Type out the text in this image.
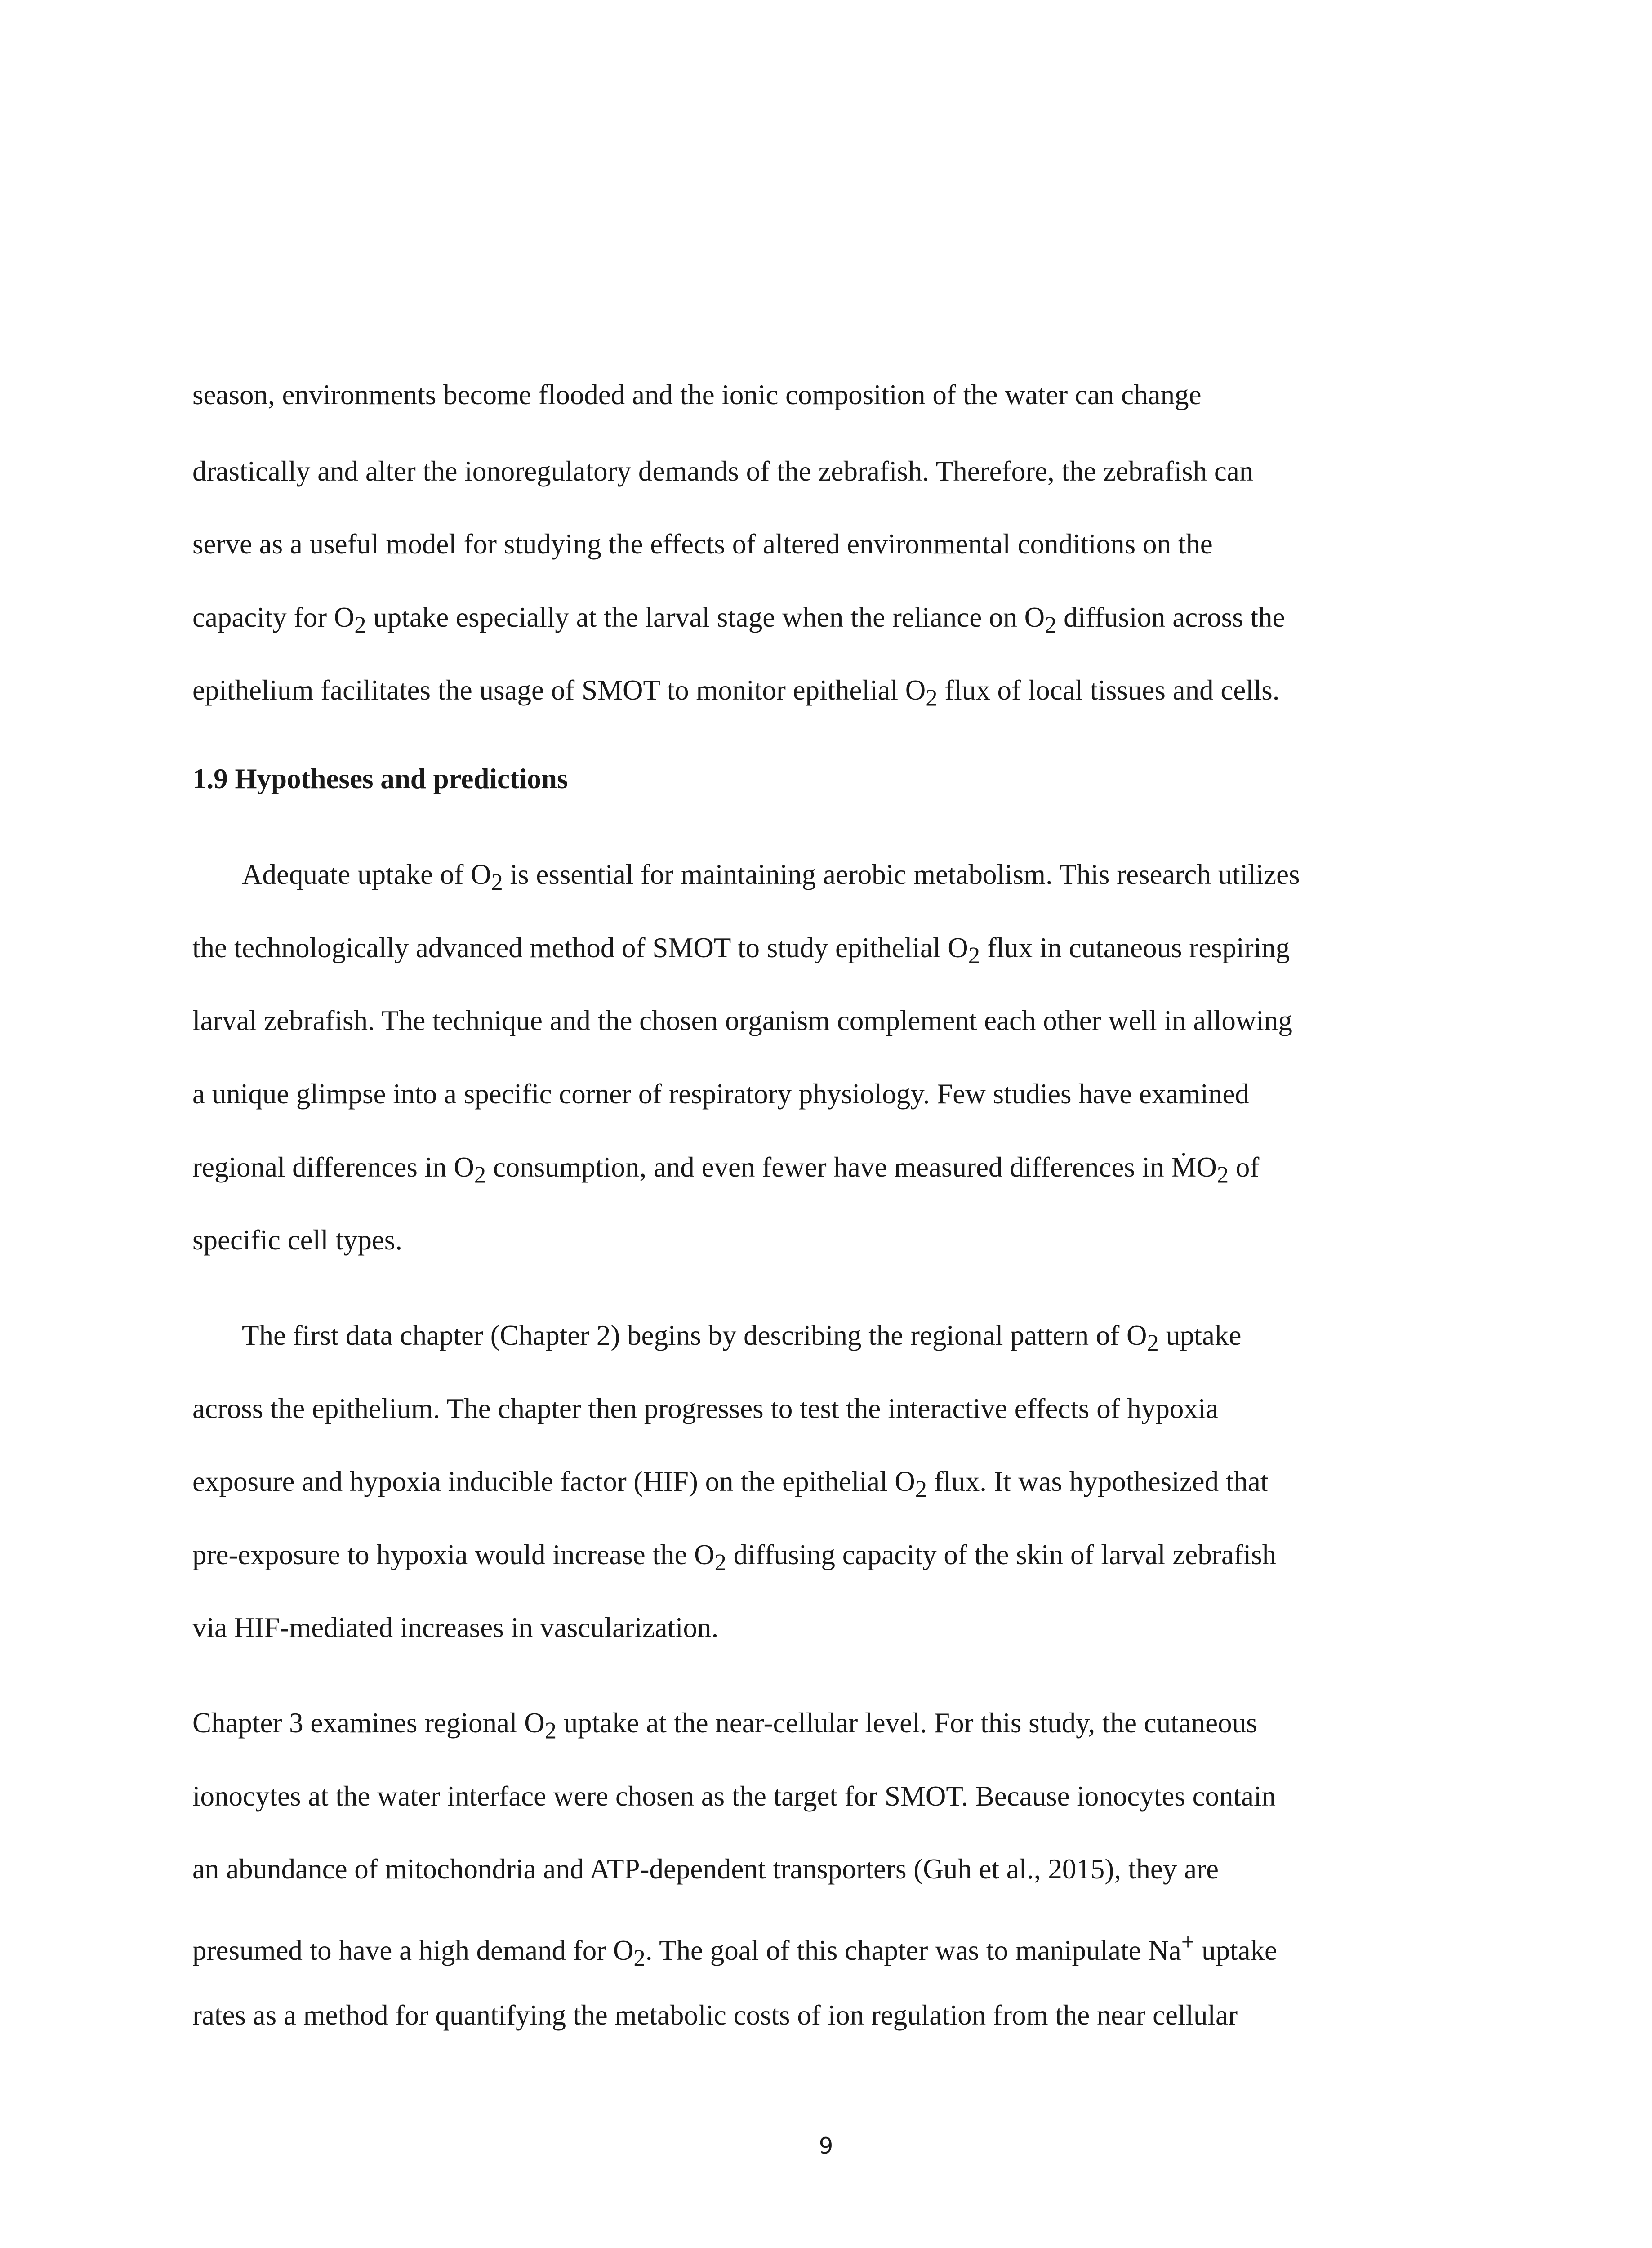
season, environments become flooded and the ionic composition of the water can change
drastically and alter the ionoregulatory demands of the zebrafish. Therefore, the zebrafish can
serve as a useful model for studying the effects of altered environmental conditions on the
capacity for $O_2$ uptake especially at the larval stage when the reliance on $O_2$ diffusion across the
epithelium facilitates the usage of SMOT to monitor epithelial $O_2$ flux of local tissues and cells.
1.9 Hypotheses and predictions
Adequate uptake of $O_2$ is essential for maintaining aerobic metabolism. This research utilizes
the technologically advanced method of SMOT to study epithelial $O_2$ flux in cutaneous respiring
larval zebrafish. The technique and the chosen organism complement each other well in allowing
a unique glimpse into a specific corner of respiratory physiology. Few studies have examined
regional differences in $O_2$ consumption, and even fewer have measured differences in ṀO$_2$ of
specific cell types.
The first data chapter (Chapter 2) begins by describing the regional pattern of $O_2$ uptake
across the epithelium. The chapter then progresses to test the interactive effects of hypoxia
exposure and hypoxia inducible factor (HIF) on the epithelial $O_2$ flux. It was hypothesized that
pre-exposure to hypoxia would increase the $O_2$ diffusing capacity of the skin of larval zebrafish
via HIF-mediated increases in vascularization.
Chapter 3 examines regional $O_2$ uptake at the near-cellular level. For this study, the cutaneous
ionocytes at the water interface were chosen as the target for SMOT. Because ionocytes contain
an abundance of mitochondria and ATP-dependent transporters (Guh et al., 2015), they are
presumed to have a high demand for $O_2$. The goal of this chapter was to manipulate Na+ uptake
rates as a method for quantifying the metabolic costs of ion regulation from the near cellular
9
